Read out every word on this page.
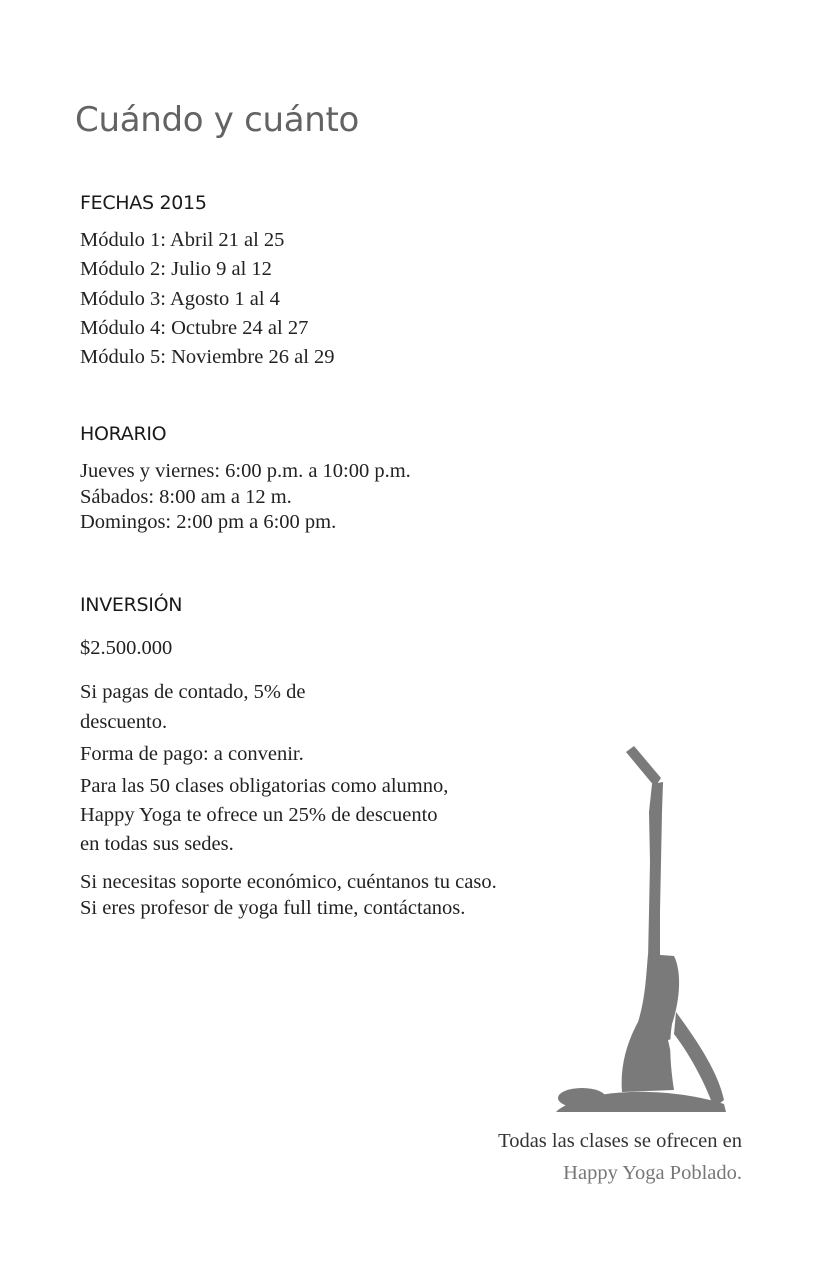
Cuándo y cuánto
FECHAS 2015

Módulo 1: Abril 21 al 25

Módulo 2: Julio 9 al 12

Módulo 3: Agosto 1 al 4

Módulo 4: Octubre 24 al 27

Módulo 5: Noviembre 26 al 29

HORARIO

Jueves y viernes: 6:00 p.m. a 10:00 p.m.

Sábados: 8:00 am a 12 m.

Domingos: 2:00 pm a 6:00 pm.

INVERSIÓN

$2.500.000

Si pagas de contado, 5% de

descuento.

Forma de pago: a convenir.

Para las 50 clases obligatorias como alumno,

Happy Yoga te ofrece un 25% de descuento

en todas sus sedes.

Si necesitas soporte económico, cuéntanos tu caso.

Si eres profesor de yoga full time, contáctanos.

Todas las clases se ofrecen en

Happy Yoga Poblado.
